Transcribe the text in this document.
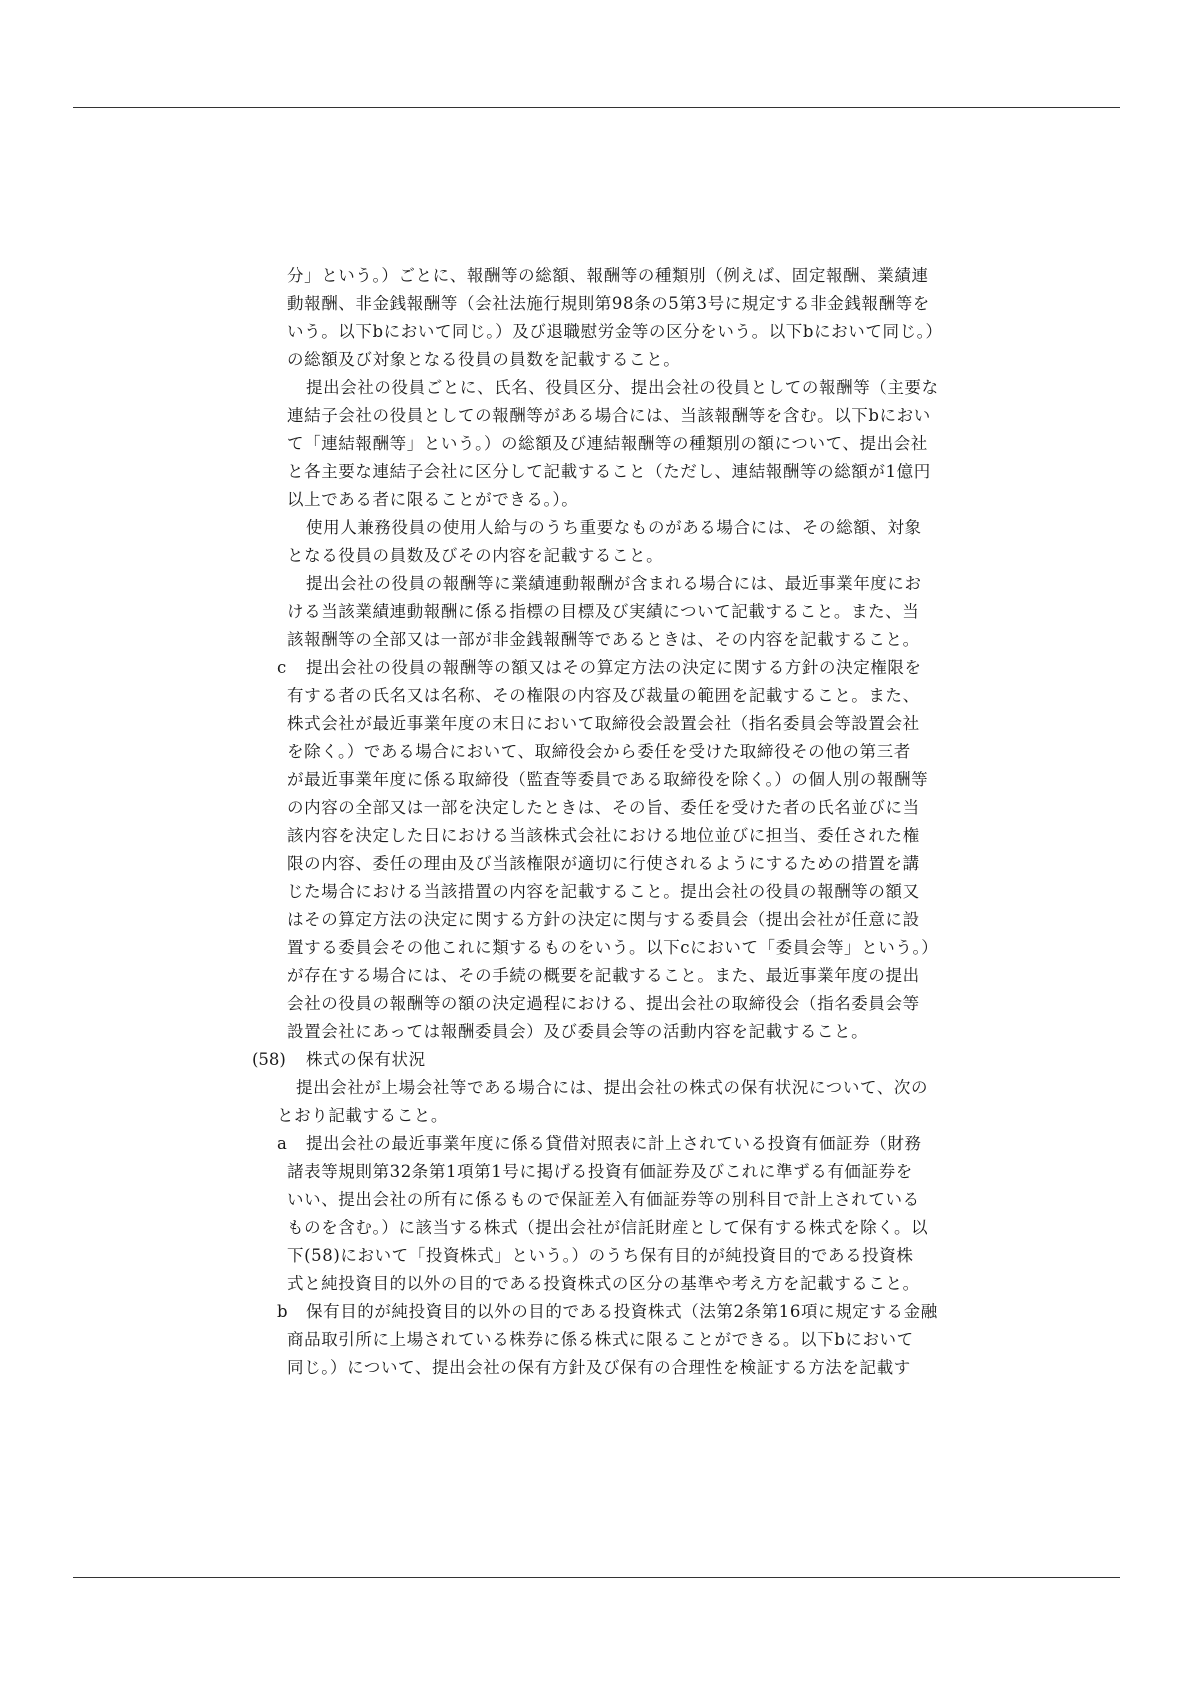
分」という。）ごとに、報酬等の総額、報酬等の種類別（例えば、固定報酬、業績連
動報酬、非金銭報酬等（会社法施行規則第98条の5第3号に規定する非金銭報酬等を
いう。以下bにおいて同じ。）及び退職慰労金等の区分をいう。以下bにおいて同じ。）
の総額及び対象となる役員の員数を記載すること。
提出会社の役員ごとに、氏名、役員区分、提出会社の役員としての報酬等（主要な
連結子会社の役員としての報酬等がある場合には、当該報酬等を含む。以下bにおい
て「連結報酬等」という。）の総額及び連結報酬等の種類別の額について、提出会社
と各主要な連結子会社に区分して記載すること（ただし、連結報酬等の総額が1億円
以上である者に限ることができる。）。
使用人兼務役員の使用人給与のうち重要なものがある場合には、その総額、対象
となる役員の員数及びその内容を記載すること。
提出会社の役員の報酬等に業績連動報酬が含まれる場合には、最近事業年度にお
ける当該業績連動報酬に係る指標の目標及び実績について記載すること。また、当
該報酬等の全部又は一部が非金銭報酬等であるときは、その内容を記載すること。
c 提出会社の役員の報酬等の額又はその算定方法の決定に関する方針の決定権限を
有する者の氏名又は名称、その権限の内容及び裁量の範囲を記載すること。また、
株式会社が最近事業年度の末日において取締役会設置会社（指名委員会等設置会社
を除く。）である場合において、取締役会から委任を受けた取締役その他の第三者
が最近事業年度に係る取締役（監査等委員である取締役を除く。）の個人別の報酬等
の内容の全部又は一部を決定したときは、その旨、委任を受けた者の氏名並びに当
該内容を決定した日における当該株式会社における地位並びに担当、委任された権
限の内容、委任の理由及び当該権限が適切に行使されるようにするための措置を講
じた場合における当該措置の内容を記載すること。提出会社の役員の報酬等の額又
はその算定方法の決定に関する方針の決定に関与する委員会（提出会社が任意に設
置する委員会その他これに類するものをいう。以下cにおいて「委員会等」という。）
が存在する場合には、その手続の概要を記載すること。また、最近事業年度の提出
会社の役員の報酬等の額の決定過程における、提出会社の取締役会（指名委員会等
設置会社にあっては報酬委員会）及び委員会等の活動内容を記載すること。
(58) 株式の保有状況
提出会社が上場会社等である場合には、提出会社の株式の保有状況について、次の
とおり記載すること。
a 提出会社の最近事業年度に係る貸借対照表に計上されている投資有価証券（財務
諸表等規則第32条第1項第1号に掲げる投資有価証券及びこれに準ずる有価証券を
いい、提出会社の所有に係るもので保証差入有価証券等の別科目で計上されている
ものを含む。）に該当する株式（提出会社が信託財産として保有する株式を除く。以
下(58)において「投資株式」という。）のうち保有目的が純投資目的である投資株
式と純投資目的以外の目的である投資株式の区分の基準や考え方を記載すること。
b 保有目的が純投資目的以外の目的である投資株式（法第2条第16項に規定する金融
商品取引所に上場されている株券に係る株式に限ることができる。以下bにおいて
同じ。）について、提出会社の保有方針及び保有の合理性を検証する方法を記載す
